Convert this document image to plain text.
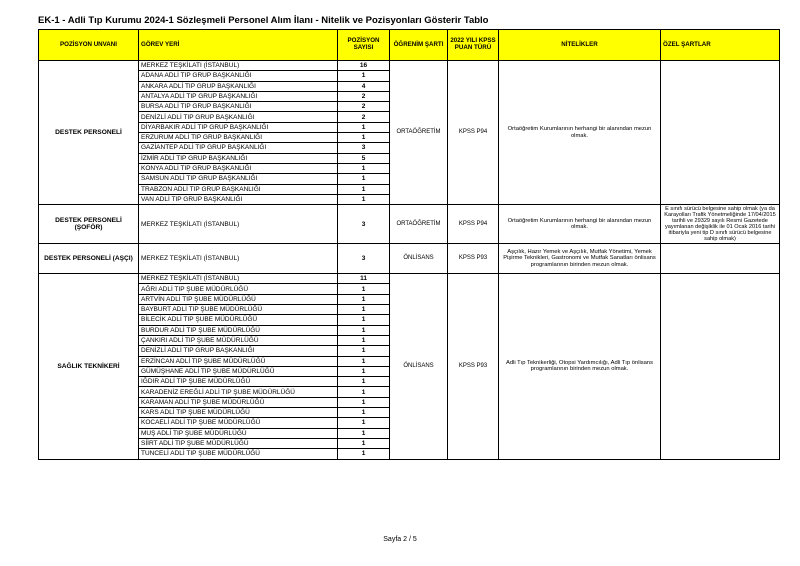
EK-1 - Adli Tıp Kurumu 2024-1 Sözleşmeli Personel Alım İlanı - Nitelik ve Pozisyonları Gösterir Tablo
POZİSYON UNVANI	GÖREV YERİ	POZİSYON SAYISI	ÖĞRENİM ŞARTI	2022 YILI KPSS PUAN TÜRÜ	NİTELİKLER	ÖZEL ŞARTLAR
DESTEK PERSONELİ	MERKEZ TEŞKİLATI (İSTANBUL)	16	ORTAÖĞRETİM	KPSS P94	Ortaöğretim Kurumlarının herhangi bir alanından mezun olmak.	
	ADANA ADLİ TIP GRUP BAŞKANLIĞI	1				
	ANKARA ADLİ TIP GRUP BAŞKANLIĞI	4				
	ANTALYA ADLİ TIP GRUP BAŞKANLIĞI	2				
	BURSA ADLİ TIP GRUP BAŞKANLIĞI	2				
	DENİZLİ ADLİ TIP GRUP BAŞKANLIĞI	2				
	DİYARBAKIR ADLİ TIP GRUP BAŞKANLIĞI	1				
	ERZURUM ADLİ TIP GRUP BAŞKANLIĞI	1				
	GAZİANTEP ADLİ TIP GRUP BAŞKANLIĞI	3				
	İZMİR ADLİ TIP GRUP BAŞKANLIĞI	5				
	KONYA ADLİ TIP GRUP BAŞKANLIĞI	1				
	SAMSUN ADLİ TIP GRUP BAŞKANLIĞI	1				
	TRABZON ADLİ TIP GRUP BAŞKANLIĞI	1				
	VAN ADLİ TIP GRUP BAŞKANLIĞI	1				
DESTEK PERSONELİ (ŞOFÖR)	MERKEZ TEŞKİLATI (İSTANBUL)	3	ORTAÖĞRETİM	KPSS P94	Ortaöğretim Kurumlarının herhangi bir alanından mezun olmak.	E sınıfı sürücü belgesine sahip olmak (ya da Karayolları Trafik Yönetmeliğinde 17/04/2015 tarihli ve 29329 sayılı Resmi Gazetede yayımlanan değişiklik ile 01 Ocak 2016 tarihi itibariyla yeni tip D sınıfı sürücü belgesine sahip olmak)
DESTEK PERSONELİ (AŞÇI)	MERKEZ TEŞKİLATI (İSTANBUL)	3	ÖNLİSANS	KPSS P93	Aşçılık, Hazır Yemek ve Aşçılık, Mutfak Yönetimi, Yemek Pişirme Teknikleri, Gastronomi ve Mutfak Sanatları önlisans programlarının birinden mezun olmak.	
SAĞLIK TEKNİKERİ	MERKEZ TEŞKİLATI (İSTANBUL)	11	ÖNLİSANS	KPSS P93	Adli Tıp Teknikerliği, Otopsi Yardımcılığı, Adli Tıp önlisans programlarının birinden mezun olmak.	
	AĞRI ADLİ TIP ŞUBE MÜDÜRLÜĞÜ	1				
	ARTVİN ADLİ TIP ŞUBE MÜDÜRLÜĞÜ	1				
	BAYBURT ADLİ TIP ŞUBE MÜDÜRLÜĞÜ	1				
	BİLECİK ADLİ TIP ŞUBE MÜDÜRLÜĞÜ	1				
	BURDUR ADLİ TIP ŞUBE MÜDÜRLÜĞÜ	1				
	ÇANKIRI ADLİ TIP ŞUBE MÜDÜRLÜĞÜ	1				
	DENİZLİ ADLİ TIP GRUP BAŞKANLIĞI	1				
	ERZİNCAN ADLİ TIP ŞUBE MÜDÜRLÜĞÜ	1				
	GÜMÜŞHANE ADLİ TIP ŞUBE MÜDÜRLÜĞÜ	1				
	IĞDIR ADLİ TIP ŞUBE MÜDÜRLÜĞÜ	1				
	KARADENİZ EREĞLİ ADLİ TIP ŞUBE MÜDÜRLÜĞÜ	1				
	KARAMAN ADLİ TIP ŞUBE MÜDÜRLÜĞÜ	1				
	KARS ADLİ TIP ŞUBE MÜDÜRLÜĞÜ	1				
	KOCAELİ ADLİ TIP ŞUBE MÜDÜRLÜĞÜ	1				
	MUŞ ADLİ TIP ŞUBE MÜDÜRLÜĞÜ	1				
	SİİRT ADLİ TIP ŞUBE MÜDÜRLÜĞÜ	1				
	TUNCELİ ADLİ TIP ŞUBE MÜDÜRLÜĞÜ	1				
Sayfa 2 / 5
